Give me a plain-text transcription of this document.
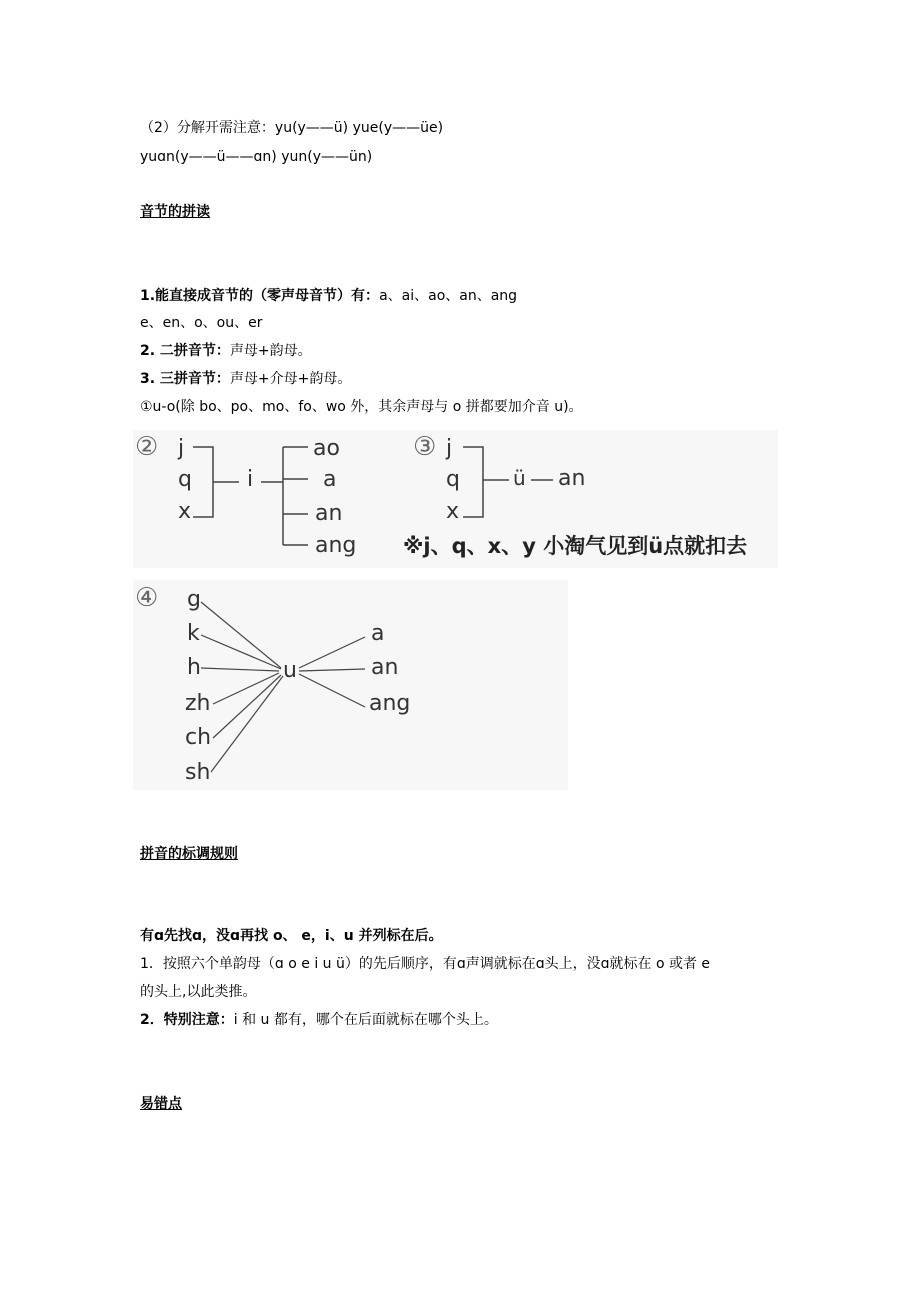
（2）分解开需注意：yu(y——ü) yue(y——üe)
yuɑn(y——ü——ɑn) yun(y——ün)
音节的拼读
1.能直接成音节的（零声母音节）有：a、ai、ao、an、ang
e、en、o、ou、er
2. 二拼音节：声母+韵母。
3. 三拼音节：声母+介母+韵母。
①u-o(除 bo、po、mo、fo、wo 外，其余声母与 o 拼都要加介音 u)。
② j
q
x
i
ao
a
an
ang
③ j
q
x
ü an
※j、q、x、y 小淘气见到ü点就扣去
④ g
k
h
zh
ch
sh
u
a
an
ang
拼音的标调规则
有ɑ先找ɑ，没ɑ再找 o、 e，i、u 并列标在后。
1．按照六个单韵母（ɑ o e i u ü）的先后顺序，有ɑ声调就标在ɑ头上，没ɑ就标在 o 或者 e
的头上,以此类推。
2．特别注意：i 和 u 都有，哪个在后面就标在哪个头上。
易错点
